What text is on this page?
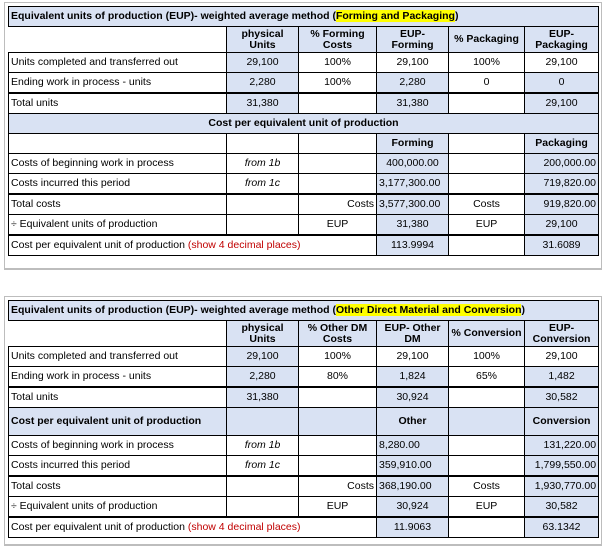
Equivalent units of production (EUP)- weighted average method (Forming and Packaging)					
	physical Units	% Forming Costs	EUP- Forming	% Packaging	EUP- Packaging
Units completed and transferred out	29,100	100%	29,100	100%	29,100
Ending work in process - units	2,280	100%	2,280	0	0
Total units	31,380		31,380		29,100
Cost per equivalent unit of production					
			Forming		Packaging
Costs of beginning work in process	from 1b		400,000.00		200,000.00
Costs incurred this period	from 1c		3,177,300.00		719,820.00
Total costs		Costs	3,577,300.00	Costs	919,820.00
÷ Equivalent units of production		EUP	31,380	EUP	29,100
Cost per equivalent unit of production (show 4 decimal places)			113.9994		31.6089
Equivalent units of production (EUP)- weighted average method (Other Direct Material and Conversion)					
	physical Units	% Other DM Costs	EUP- Other DM	% Conversion	EUP- Conversion
Units completed and transferred out	29,100	100%	29,100	100%	29,100
Ending work in process - units	2,280	80%	1,824	65%	1,482
Total units	31,380		30,924		30,582
Cost per equivalent unit of production			Other		Conversion
Costs of beginning work in process	from 1b		8,280.00		131,220.00
Costs incurred this period	from 1c		359,910.00		1,799,550.00
Total costs		Costs	368,190.00	Costs	1,930,770.00
÷ Equivalent units of production		EUP	30,924	EUP	30,582
Cost per equivalent unit of production (show 4 decimal places)			11.9063		63.1342
